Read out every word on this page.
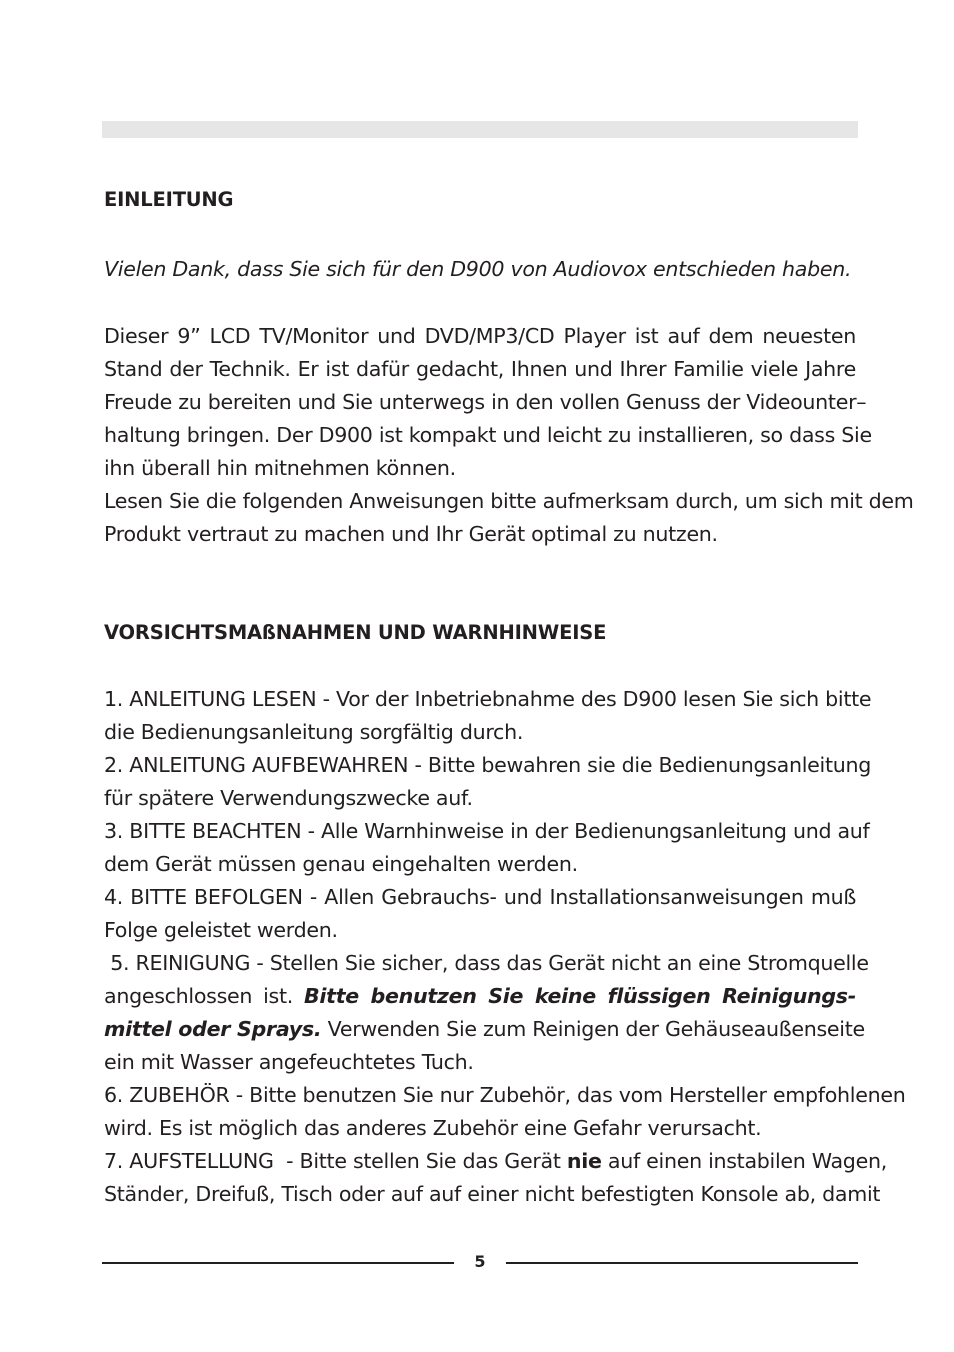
EINLEITUNG

Vielen Dank, dass Sie sich für den D900 von Audiovox entschieden haben.

Dieser 9” LCD TV/Monitor und DVD/MP3/CD Player ist auf dem neuesten
Stand der Technik. Er ist dafür gedacht, Ihnen und Ihrer Familie viele Jahre
Freude zu bereiten und Sie unterwegs in den vollen Genuss der Videounter–
haltung bringen. Der D900 ist kompakt und leicht zu installieren, so dass Sie
ihn überall hin mitnehmen können.
Lesen Sie die folgenden Anweisungen bitte aufmerksam durch, um sich mit dem
Produkt vertraut zu machen und Ihr Gerät optimal zu nutzen.
VORSICHTSMAßNAHMEN UND WARNHINWEISE
1. ANLEITUNG LESEN - Vor der Inbetriebnahme des D900 lesen Sie sich bitte
die Bedienungsanleitung sorgfältig durch.
2. ANLEITUNG AUFBEWAHREN - Bitte bewahren sie die Bedienungsanleitung
für spätere Verwendungszwecke auf.
3. BITTE BEACHTEN - Alle Warnhinweise in der Bedienungsanleitung und auf
dem Gerät müssen genau eingehalten werden.
4. BITTE BEFOLGEN - Allen Gebrauchs- und Installationsanweisungen muß
Folge geleistet werden.
5. REINIGUNG - Stellen Sie sicher, dass das Gerät nicht an eine Stromquelle
angeschlossen ist. Bitte benutzen Sie keine flüssigen Reinigungs-
mittel oder Sprays. Verwenden Sie zum Reinigen der Gehäuseaußenseite
ein mit Wasser angefeuchtetes Tuch.
6. ZUBEHÖR - Bitte benutzen Sie nur Zubehör, das vom Hersteller empfohlenen
wird. Es ist möglich das anderes Zubehör eine Gefahr verursacht.
7. AUFSTELLUNG  - Bitte stellen Sie das Gerät nie auf einen instabilen Wagen,
Ständer, Dreifuß, Tisch oder auf auf einer nicht befestigten Konsole ab, damit
5
